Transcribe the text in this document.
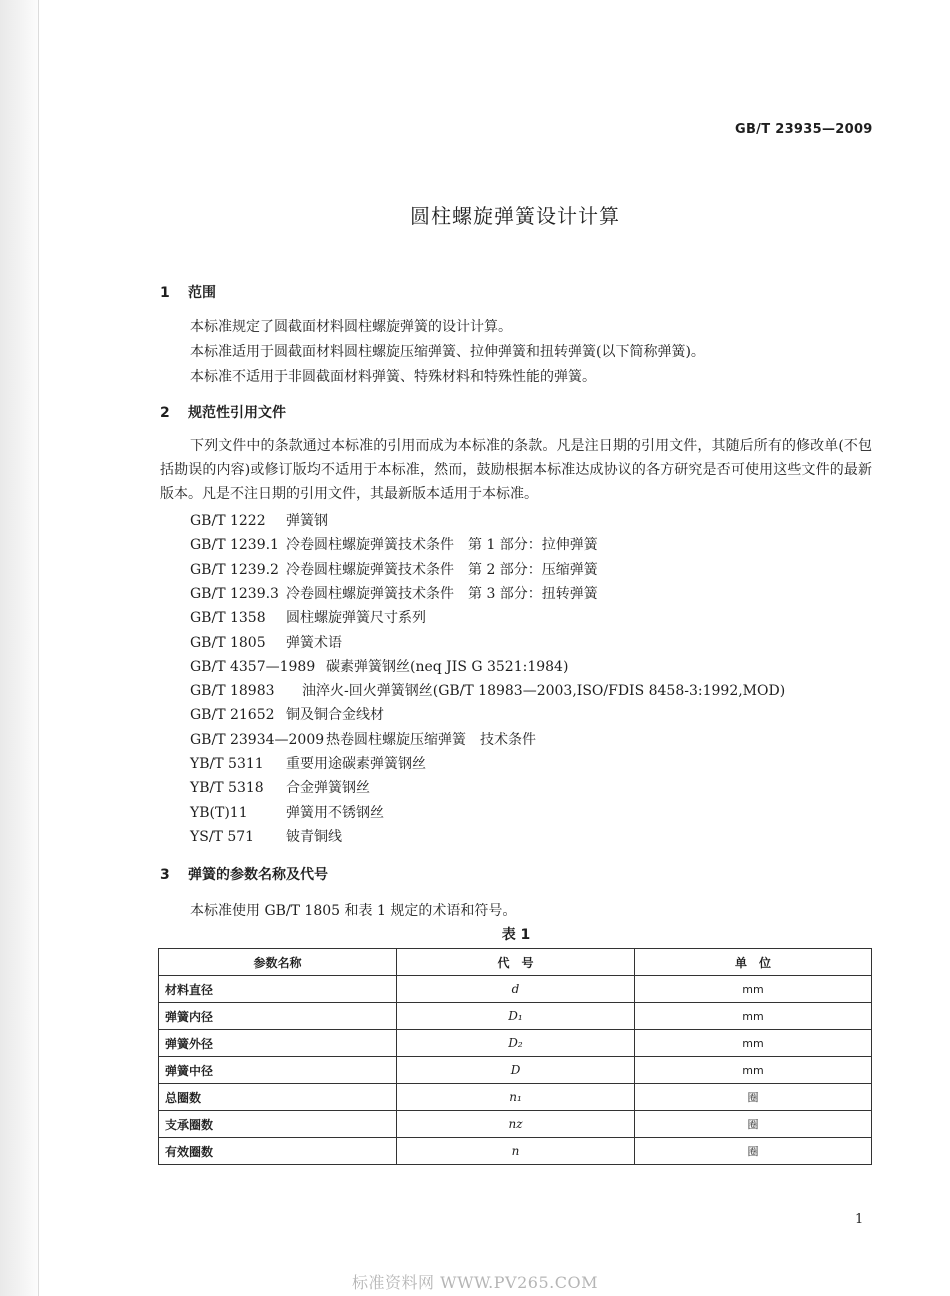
GB/T 23935—2009
圆柱螺旋弹簧设计计算
1 范围
本标准规定了圆截面材料圆柱螺旋弹簧的设计计算。
本标准适用于圆截面材料圆柱螺旋压缩弹簧、拉伸弹簧和扭转弹簧(以下简称弹簧)。
本标准不适用于非圆截面材料弹簧、特殊材料和特殊性能的弹簧。
2 规范性引用文件
下列文件中的条款通过本标准的引用而成为本标准的条款。凡是注日期的引用文件，其随后所有的修改单(不包括勘误的内容)或修订版均不适用于本标准，然而，鼓励根据本标准达成协议的各方研究是否可使用这些文件的最新版本。凡是不注日期的引用文件，其最新版本适用于本标准。
GB/T 1222 弹簧钢
GB/T 1239.1 冷卷圆柱螺旋弹簧技术条件　第 1 部分：拉伸弹簧
GB/T 1239.2 冷卷圆柱螺旋弹簧技术条件　第 2 部分：压缩弹簧
GB/T 1239.3 冷卷圆柱螺旋弹簧技术条件　第 3 部分：扭转弹簧
GB/T 1358 圆柱螺旋弹簧尺寸系列
GB/T 1805 弹簧术语
GB/T 4357—1989 碳素弹簧钢丝(neq JIS G 3521:1984)
GB/T 18983 油淬火-回火弹簧钢丝(GB/T 18983—2003,ISO/FDIS 8458-3:1992,MOD)
GB/T 21652 铜及铜合金线材
GB/T 23934—2009 热卷圆柱螺旋压缩弹簧　技术条件
YB/T 5311 重要用途碳素弹簧钢丝
YB/T 5318 合金弹簧钢丝
YB(T)11	弹簧用不锈钢丝
YS/T 571 铍青铜线
3 弹簧的参数名称及代号
本标准使用 GB/T 1805 和表 1 规定的术语和符号。
表 1
参数名称	代　号	单　位
材料直径	d	mm
弹簧内径	D₁	mm
弹簧外径	D₂	mm
弹簧中径	D	mm
总圈数	n₁	圈
支承圈数	nz	圈
有效圈数	n	圈
1
标准资料网 WWW.PV265.COM
